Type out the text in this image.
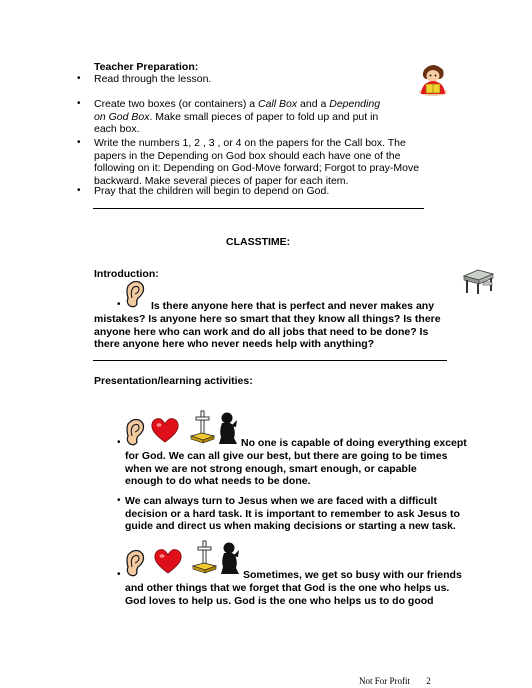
Teacher Preparation:
• Read through the lesson.
• Create two boxes (or containers) a Call Box and a Depending on God Box. Make small pieces of paper to fold up and put in each box.
• Write the numbers 1, 2 , 3 , or 4 on the papers for the Call box. The papers in the Depending on God box should each have one of the following on it: Depending on God-Move forward; Forgot to pray-Move backward. Make several pieces of paper for each item.
• Pray that the children will begin to depend on God.
CLASSTIME:
Introduction:
•	Is there anyone here that is perfect and never makes any
mistakes? Is anyone here so smart that they know all things? Is there anyone here who can work and do all jobs that need to be done? Is there anyone here who never needs help with anything?
Presentation/learning activities:
•	No one is capable of doing everything except
for God. We can all give our best, but there are going to be times when we are not strong enough, smart enough, or capable enough to do what needs to be done.
• We can always turn to Jesus when we are faced with a difficult decision or a hard task. It is important to remember to ask Jesus to guide and direct us when making decisions or starting a new task.
•	Sometimes, we get so busy with our friends
and other things that we forget that God is the one who helps us. God loves to help us. God is the one who helps us to do good
Not For Profit 2
